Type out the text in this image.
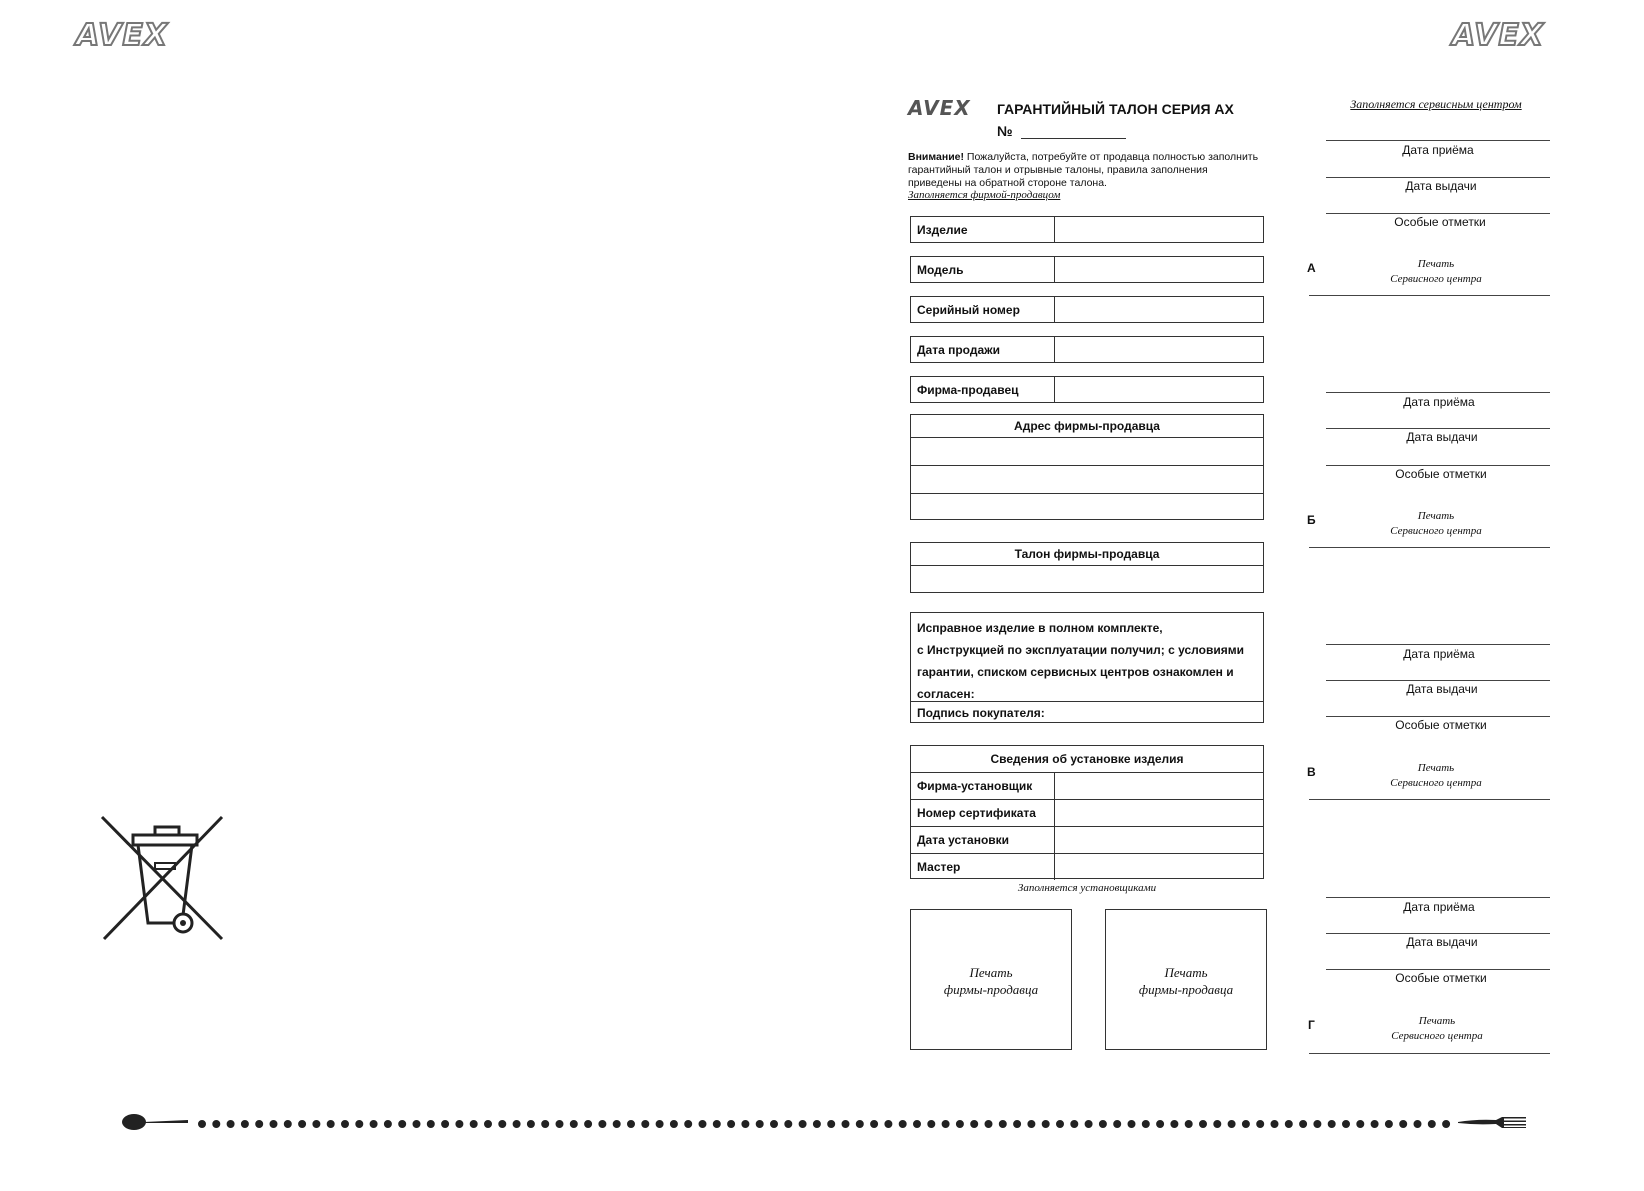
AVEX	AVEX
AVEX ГАРАНТИЙНЫЙ ТАЛОН СЕРИЯ AX
№
Внимание! Пожалуйста, потребуйте от продавца полностью заполнить
гарантийный талон и отрывные талоны, правила заполнения
приведены на обратной стороне талона.
Заполняется фирмой-продавцом
Изделие
Модель
Серийный номер
Дата продажи
Фирма-продавец
Адрес фирмы-продавца
Талон фирмы-продавца
Исправное изделие в полном комплекте,
с Инструкцией по эксплуатации получил; с условиями
гарантии, списком сервисных центров ознакомлен и
согласен:
Подпись покупателя:
Сведения об установке изделия
Фирма-установщик
Номер сертификата
Дата установки
Мастер
Заполняется установщиками
Печать
фирмы-продавца
Печать
фирмы-продавца
Заполняется сервисным центром
Дата приёма
Дата выдачи
Особые отметки
А	Печать
Сервисного центра
Дата приёма
Дата выдачи
Особые отметки
Б	Печать
Сервисного центра
Дата приёма
Дата выдачи
Особые отметки
В	Печать
Сервисного центра
Дата приёма
Дата выдачи
Особые отметки
Г	Печать
Сервисного центра
